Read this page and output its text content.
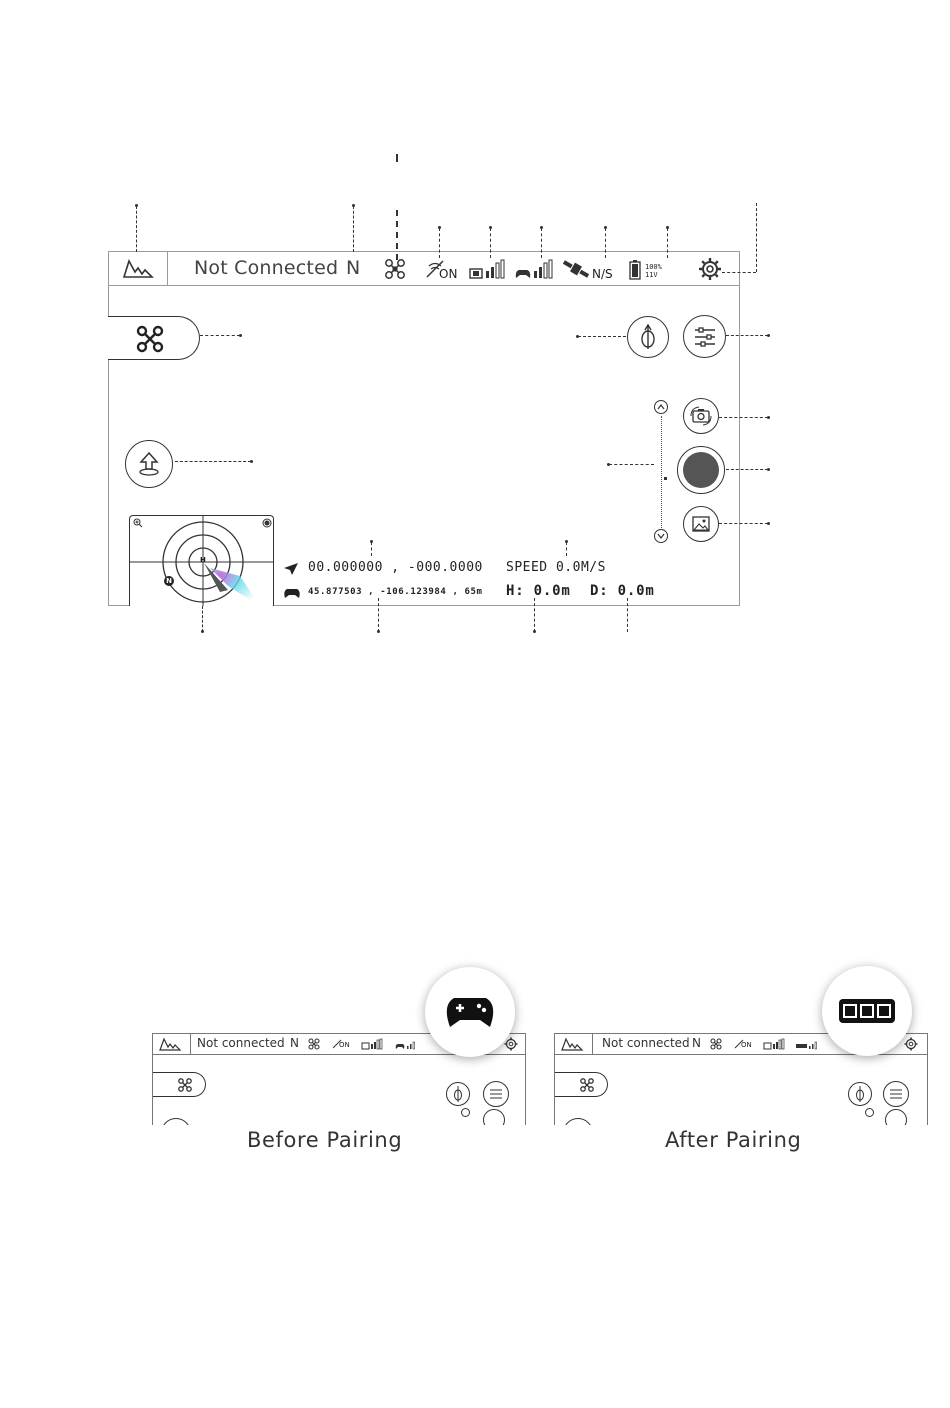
Not Connected N	ON	N/S	100%
11V
H
N
00.000000 , -000.0000
45.877503 , -106.123984 , 65m
SPEED 0.0M/S
H: 0.0m D: 0.0m
Not connected N	ON
Before Pairing
Not connected N	ON
After Pairing
